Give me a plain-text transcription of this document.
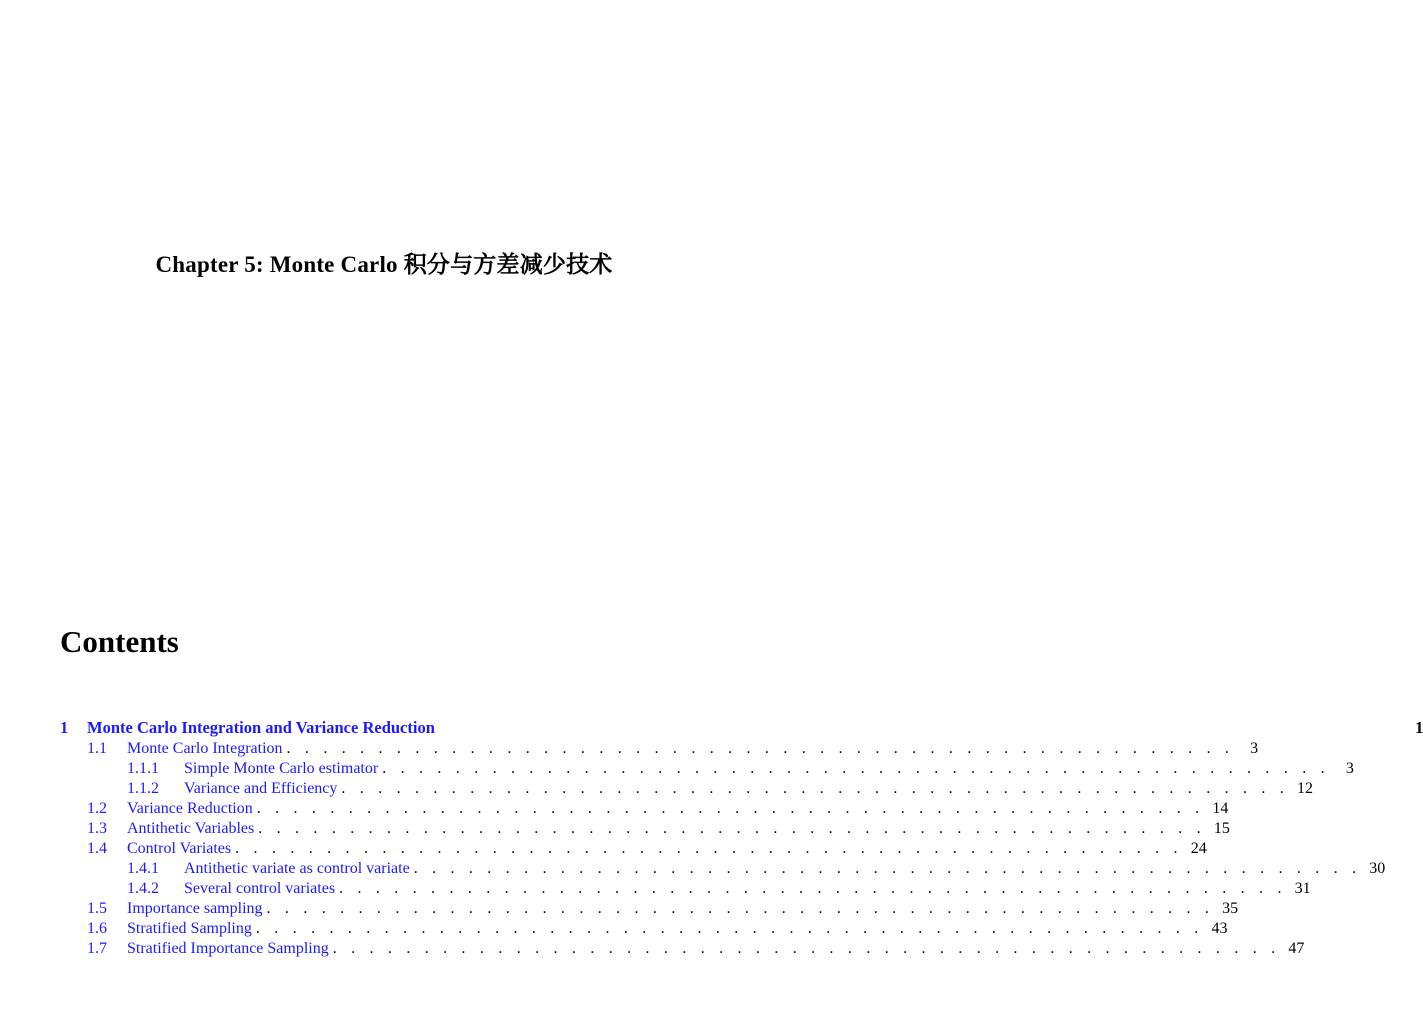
Chapter 5: Monte Carlo 积分与方差减少技术
Contents
1	Monte Carlo Integration and Variance Reduction	1
1.1	Monte Carlo Integration . . . . . . . . . . . . . . . . . . . . . . . . . . . . . . . . . . . . . . . . . . . . . . . . . . . .	3
1.1.1	Simple Monte Carlo estimator . . . . . . . . . . . . . . . . . . . . . . . . . . . . . . . . . . . . . . . . . . . . . . . . . . . .	3
1.1.2	Variance and Efficiency . . . . . . . . . . . . . . . . . . . . . . . . . . . . . . . . . . . . . . . . . . . . . . . . . . . . 12
1.2	Variance Reduction . . . . . . . . . . . . . . . . . . . . . . . . . . . . . . . . . . . . . . . . . . . . . . . . . . . . 14
1.3	Antithetic Variables . . . . . . . . . . . . . . . . . . . . . . . . . . . . . . . . . . . . . . . . . . . . . . . . . . . . 15
1.4	Control Variates . . . . . . . . . . . . . . . . . . . . . . . . . . . . . . . . . . . . . . . . . . . . . . . . . . . . 24
1.4.1	Antithetic variate as control variate . . . . . . . . . . . . . . . . . . . . . . . . . . . . . . . . . . . . . . . . . . . . . . . . . . . . 30
1.4.2	Several control variates . . . . . . . . . . . . . . . . . . . . . . . . . . . . . . . . . . . . . . . . . . . . . . . . . . . . 31
1.5	Importance sampling . . . . . . . . . . . . . . . . . . . . . . . . . . . . . . . . . . . . . . . . . . . . . . . . . . . . 35
1.6	Stratified Sampling . . . . . . . . . . . . . . . . . . . . . . . . . . . . . . . . . . . . . . . . . . . . . . . . . . . . 43
1.7	Stratified Importance Sampling . . . . . . . . . . . . . . . . . . . . . . . . . . . . . . . . . . . . . . . . . . . . . . . . . . . . 47
